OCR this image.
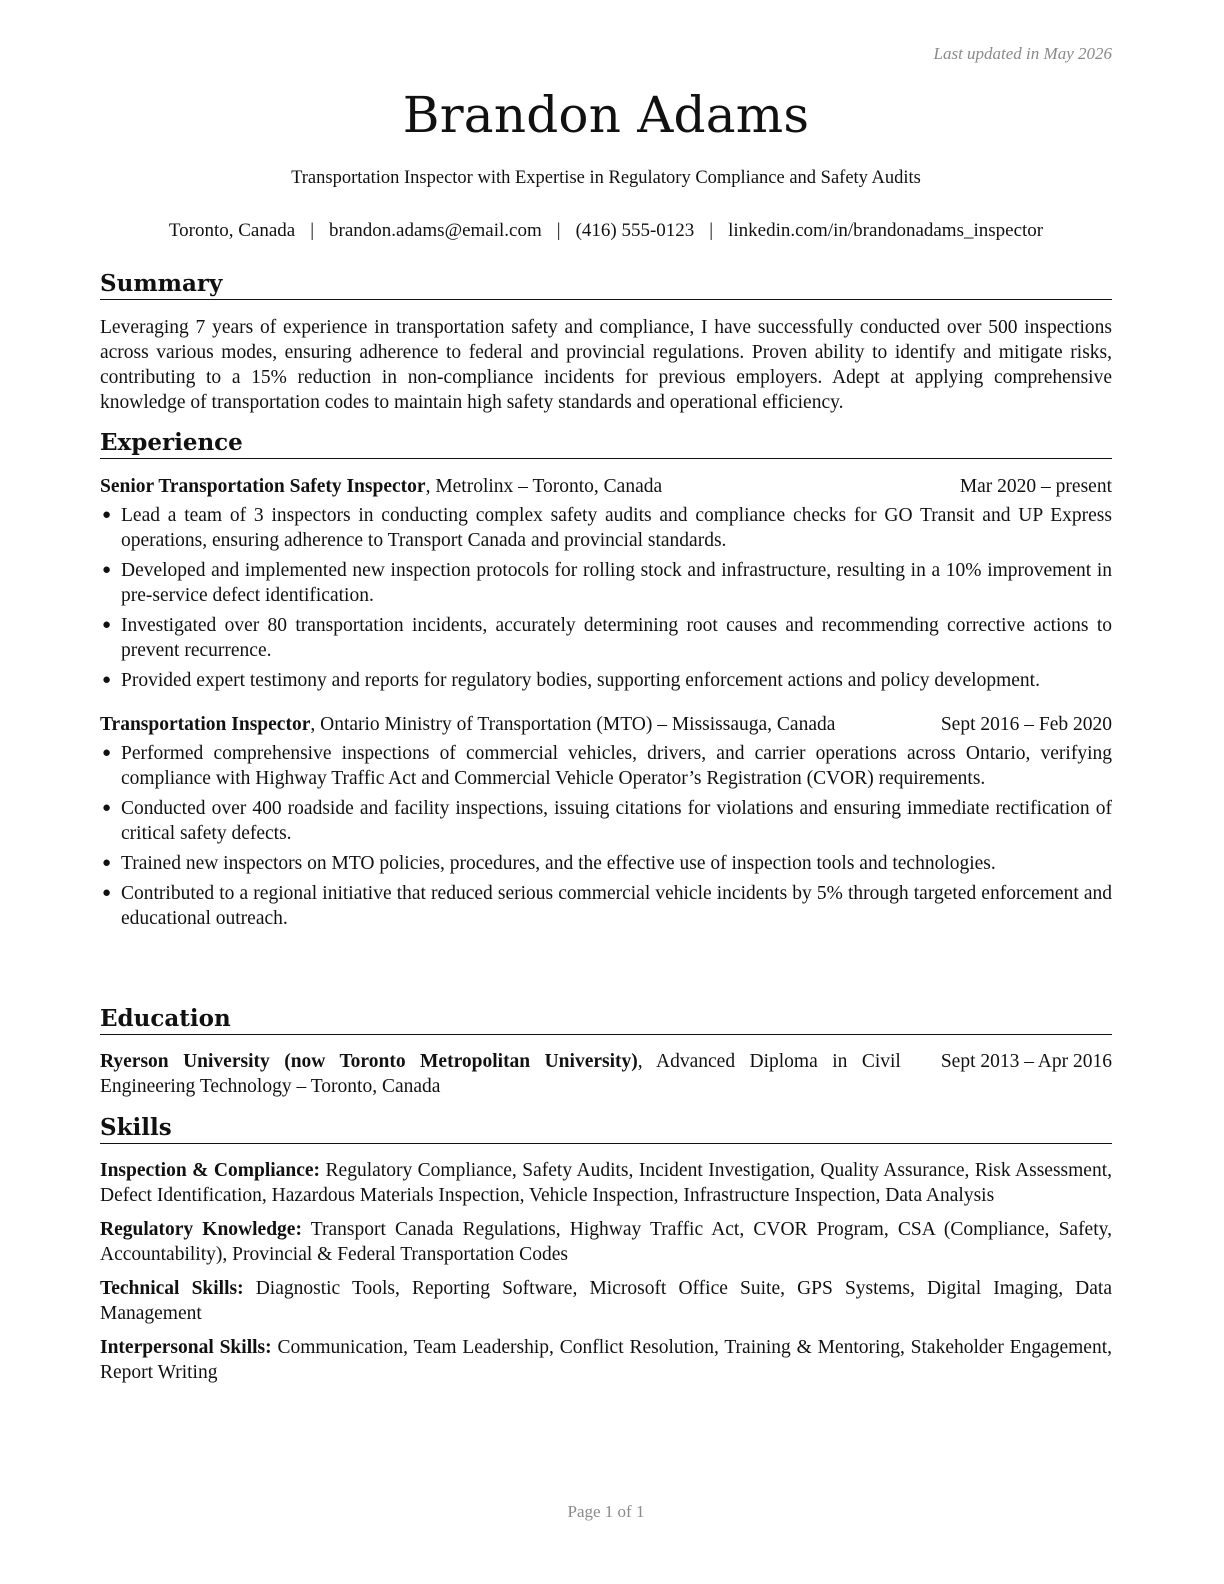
Last updated in May 2026
Brandon Adams
Transportation Inspector with Expertise in Regulatory Compliance and Safety Audits
Toronto, Canada | brandon.adams@email.com | (416) 555-0123 | linkedin.com/in/brandonadams_inspector
Summary
Leveraging 7 years of experience in transportation safety and compliance, I have successfully conducted over 500 inspections across various modes, ensuring adherence to federal and provincial regulations. Proven ability to identify and mitigate risks, contributing to a 15% reduction in non-compliance incidents for previous employers. Adept at applying comprehensive knowledge of transportation codes to maintain high safety standards and operational efficiency.
Experience
Senior Transportation Safety Inspector, Metrolinx – Toronto, Canada	Mar 2020 – present
● Lead a team of 3 inspectors in conducting complex safety audits and compliance checks for GO Transit and UP Express operations, ensuring adherence to Transport Canada and provincial standards.
● Developed and implemented new inspection protocols for rolling stock and infrastructure, resulting in a 10% improvement in pre-service defect identification.
● Investigated over 80 transportation incidents, accurately determining root causes and recommending corrective actions to prevent recurrence.
● Provided expert testimony and reports for regulatory bodies, supporting enforcement actions and policy development.
Transportation Inspector, Ontario Ministry of Transportation (MTO) – Mississauga, Canada	Sept 2016 – Feb 2020
● Performed comprehensive inspections of commercial vehicles, drivers, and carrier operations across Ontario, verifying compliance with Highway Traffic Act and Commercial Vehicle Operator’s Registration (CVOR) requirements.
● Conducted over 400 roadside and facility inspections, issuing citations for violations and ensuring immediate rectification of critical safety defects.
● Trained new inspectors on MTO policies, procedures, and the effective use of inspection tools and technologies.
● Contributed to a regional initiative that reduced serious commercial vehicle incidents by 5% through targeted enforcement and educational outreach.
Education
Ryerson University (now Toronto Metropolitan University), Advanced Diploma in Civil Engineering Technology – Toronto, Canada
Sept 2013 – Apr 2016
Skills
Inspection & Compliance: Regulatory Compliance, Safety Audits, Incident Investigation, Quality Assurance, Risk Assessment, Defect Identification, Hazardous Materials Inspection, Vehicle Inspection, Infrastructure Inspection, Data Analysis
Regulatory Knowledge: Transport Canada Regulations, Highway Traffic Act, CVOR Program, CSA (Compliance, Safety, Accountability), Provincial & Federal Transportation Codes
Technical Skills: Diagnostic Tools, Reporting Software, Microsoft Office Suite, GPS Systems, Digital Imaging, Data Management
Interpersonal Skills: Communication, Team Leadership, Conflict Resolution, Training & Mentoring, Stakeholder Engagement, Report Writing
Page 1 of 1
